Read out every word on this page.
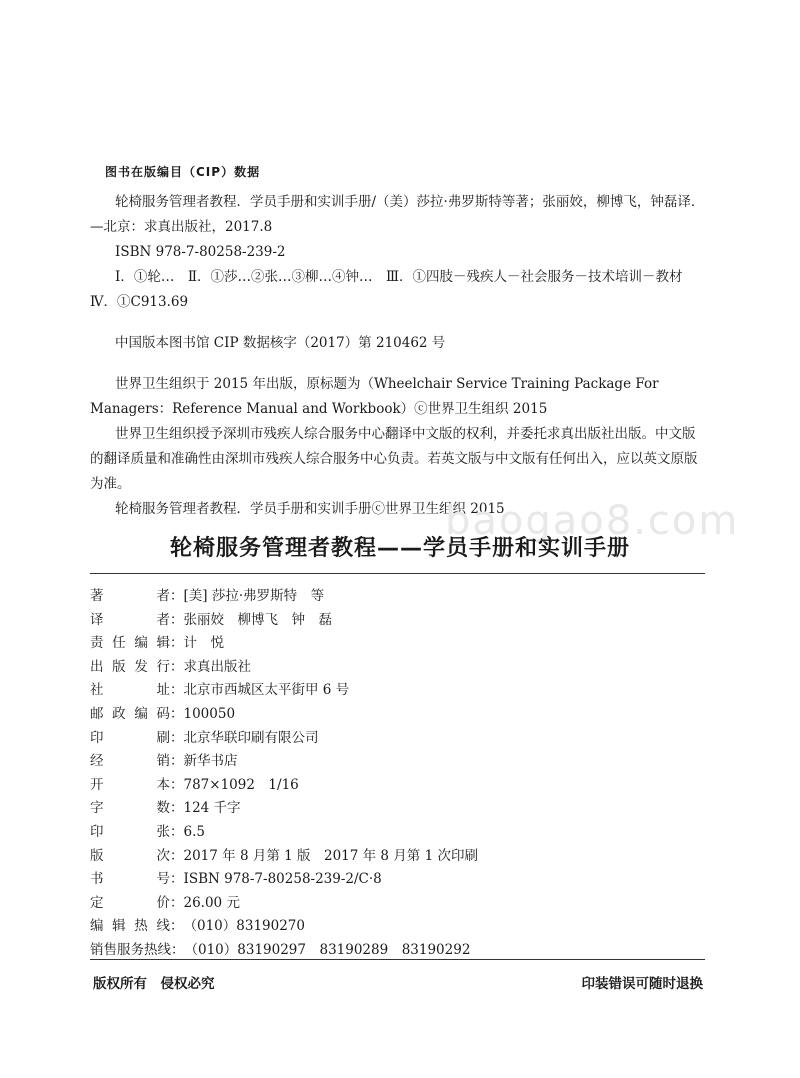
图书在版编目（CIP）数据

轮椅服务管理者教程．学员手册和实训手册/（美）莎拉·弗罗斯特等著；张丽姣，柳博飞，钟磊译．—北京：求真出版社，2017.8

ISBN 978-7-80258-239-2

Ⅰ．①轮…　Ⅱ．①莎…②张…③柳…④钟…　Ⅲ．①四肢－残疾人－社会服务－技术培训－教材　Ⅳ．①C913.69

中国版本图书馆 CIP 数据核字（2017）第 210462 号

世界卫生组织于 2015 年出版，原标题为（Wheelchair Service Training Package For Managers：Reference Manual and Workbook）ⓒ世界卫生组织 2015

世界卫生组织授予深圳市残疾人综合服务中心翻译中文版的权利，并委托求真出版社出版。中文版的翻译质量和准确性由深圳市残疾人综合服务中心负责。若英文版与中文版有任何出入，应以英文原版为准。

轮椅服务管理者教程．学员手册和实训手册ⓒ世界卫生组织 2015

baogao8.com
轮椅服务管理者教程——学员手册和实训手册
著　　者：[美] 莎拉·弗罗斯特　等
译　　者：张丽姣　柳博飞　钟　磊
责任编辑：计　悦
出版发行：求真出版社
社　　址：北京市西城区太平街甲 6 号
邮政编码：100050
印　　刷：北京华联印刷有限公司
经　　销：新华书店
开　　本：787×1092　1/16
字　　数：124 千字
印　　张：6.5
版　　次：2017 年 8 月第 1 版　2017 年 8 月第 1 次印刷
书　　号：ISBN 978-7-80258-239-2/C·8
定　　价：26.00 元
编辑热线：（010）83190270
销售服务热线：（010）83190297　83190289　83190292
版权所有　侵权必究	印装错误可随时退换
